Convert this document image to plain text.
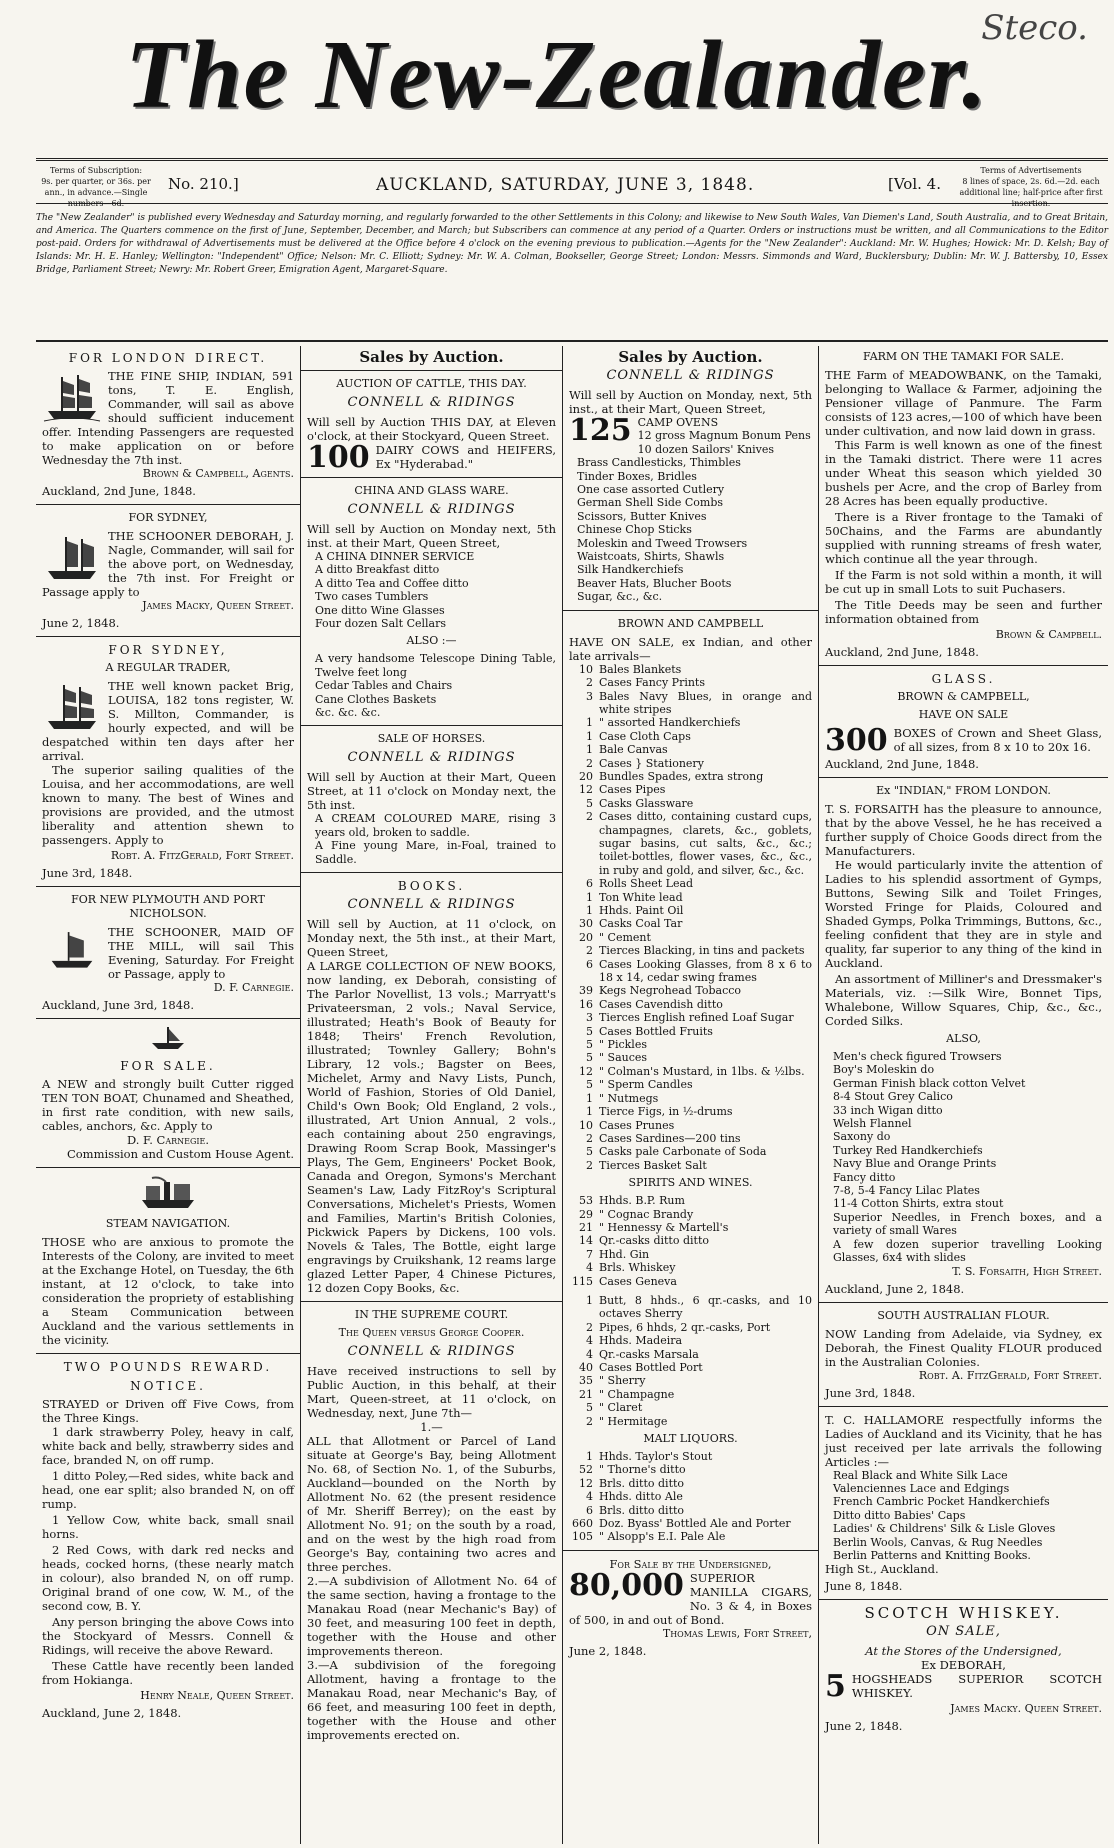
The New-Zealander.
Steco.
Terms of Subscription:
9s. per quarter, or 36s. per ann., in advance.—Single numbers—6d.
No. 210.]	AUCKLAND, SATURDAY, JUNE 3, 1848.	[Vol. 4.
Terms of Advertisements
8 lines of space, 2s. 6d.—2d. each additional line; half-price after first insertion.

The "New Zealander" is published every Wednesday and Saturday morning, and regularly forwarded to the other Settlements in this Colony; and likewise to New South Wales, Van Diemen's Land, South Australia, and to Great Britain, and America. The Quarters commence on the first of June, September, December, and March; but Subscribers can commence at any period of a Quarter. Orders or instructions must be written, and all Communications to the Editor post-paid. Orders for withdrawal of Advertisements must be delivered at the Office before 4 o'clock on the evening previous to publication.—Agents for the "New Zealander": Auckland: Mr. W. Hughes; Howick: Mr. D. Kelsh; Bay of Islands: Mr. H. E. Hanley; Wellington: "Independent" Office; Nelson: Mr. C. Elliott; Sydney: Mr. W. A. Colman, Bookseller, George Street; London: Messrs. Simmonds and Ward, Bucklersbury; Dublin: Mr. W. J. Battersby, 10, Essex Bridge, Parliament Street; Newry: Mr. Robert Greer, Emigration Agent, Margaret-Square.

FOR LONDON DIRECT.

THE FINE SHIP, INDIAN, 591 tons, T. E. English, Commander, will sail as above should sufficient inducement offer. Intending Passengers are requested to make application on or before Wednesday the 7th inst.

Brown & Campbell, Agents.
Auckland, 2nd June, 1848.
FOR SYDNEY,

THE SCHOONER DEBORAH, J. Nagle, Commander, will sail for the above port, on Wednesday, the 7th inst. For Freight or Passage apply to

James Macky, Queen Street.
June 2, 1848.
FOR SYDNEY,
A REGULAR TRADER,

THE well known packet Brig, LOUISA, 182 tons register, W. S. Millton, Commander, is hourly expected, and will be despatched within ten days after her arrival.

The superior sailing qualities of the Louisa, and her accommodations, are well known to many. The best of Wines and provisions are provided, and the utmost liberality and attention shewn to passengers. Apply to

Robt. A. FitzGerald, Fort Street.
June 3rd, 1848.
FOR NEW PLYMOUTH AND PORT NICHOLSON.

THE SCHOONER, MAID OF THE MILL, will sail This Evening, Saturday. For Freight or Passage, apply to

D. F. Carnegie.
Auckland, June 3rd, 1848.
FOR SALE.

A NEW and strongly built Cutter rigged TEN TON BOAT, Chunamed and Sheathed, in first rate condition, with new sails, cables, anchors, &c. Apply to

D. F. Carnegie.
Commission and Custom House Agent.
STEAM NAVIGATION.

THOSE who are anxious to promote the Interests of the Colony, are invited to meet at the Exchange Hotel, on Tuesday, the 6th instant, at 12 o'clock, to take into consideration the propriety of establishing a Steam Communication between Auckland and the various settlements in the vicinity.

TWO POUNDS REWARD.
NOTICE.

STRAYED or Driven off Five Cows, from the Three Kings.

1 dark strawberry Poley, heavy in calf, white back and belly, strawberry sides and face, branded N, on off rump.

1 ditto Poley,—Red sides, white back and head, one ear split; also branded N, on off rump.

1 Yellow Cow, white back, small snail horns.

2 Red Cows, with dark red necks and heads, cocked horns, (these nearly match in colour), also branded N, on off rump. Original brand of one cow, W. M., of the second cow, B. Y.

Any person bringing the above Cows into the Stockyard of Messrs. Connell & Ridings, will receive the above Reward.

These Cattle have recently been landed from Hokianga.

Henry Neale, Queen Street.
Auckland, June 2, 1848.
Sales by Auction.
AUCTION OF CATTLE, THIS DAY.
CONNELL & RIDINGS

Will sell by Auction THIS DAY, at Eleven o'clock, at their Stockyard, Queen Street.

100 DAIRY COWS and HEIFERS, Ex "Hyderabad."
CHINA AND GLASS WARE.
CONNELL & RIDINGS

Will sell by Auction on Monday next, 5th inst. at their Mart, Queen Street,

A CHINA DINNER SERVICE
A ditto Breakfast ditto
A ditto Tea and Coffee ditto
Two cases Tumblers
One ditto Wine Glasses
Four dozen Salt Cellars
ALSO :—
A very handsome Telescope Dining Table, Twelve feet long
Cedar Tables and Chairs
Cane Clothes Baskets
&c. &c. &c.
SALE OF HORSES.
CONNELL & RIDINGS

Will sell by Auction at their Mart, Queen Street, at 11 o'clock on Monday next, the 5th inst.

A CREAM COLOURED MARE, rising 3 years old, broken to saddle.
A Fine young Mare, in-Foal, trained to Saddle.
BOOKS.
CONNELL & RIDINGS

Will sell by Auction, at 11 o'clock, on Monday next, the 5th inst., at their Mart, Queen Street,

A LARGE COLLECTION OF NEW BOOKS, now landing, ex Deborah, consisting of The Parlor Novellist, 13 vols.; Marryatt's Privateersman, 2 vols.; Naval Service, illustrated; Heath's Book of Beauty for 1848; Theirs' French Revolution, illustrated; Townley Gallery; Bohn's Library, 12 vols.; Bagster on Bees, Michelet, Army and Navy Lists, Punch, World of Fashion, Stories of Old Daniel, Child's Own Book; Old England, 2 vols., illustrated, Art Union Annual, 2 vols., each containing about 250 engravings, Drawing Room Scrap Book, Massinger's Plays, The Gem, Engineers' Pocket Book, Canada and Oregon, Symons's Merchant Seamen's Law, Lady FitzRoy's Scriptural Conversations, Michelet's Priests, Women and Families, Martin's British Colonies, Pickwick Papers by Dickens, 100 vols. Novels & Tales, The Bottle, eight large engravings by Cruikshank, 12 reams large glazed Letter Paper, 4 Chinese Pictures, 12 dozen Copy Books, &c.

IN THE SUPREME COURT.
The Queen versus George Cooper.
CONNELL & RIDINGS

Have received instructions to sell by Public Auction, in this behalf, at their Mart, Queen-street, at 11 o'clock, on Wednesday, next, June 7th—

1.—

ALL that Allotment or Parcel of Land situate at George's Bay, being Allotment No. 68, of Section No. 1, of the Suburbs, Auckland—bounded on the North by Allotment No. 62 (the present residence of Mr. Sheriff Berrey); on the east by Allotment No. 91; on the south by a road, and on the west by the high road from George's Bay, containing two acres and three perches.

2.—A subdivision of Allotment No. 64 of the same section, having a frontage to the Manakau Road (near Mechanic's Bay) of 30 feet, and measuring 100 feet in depth, together with the House and other improvements thereon.

3.—A subdivision of the foregoing Allotment, having a frontage to the Manakau Road, near Mechanic's Bay, of 66 feet, and measuring 100 feet in depth, together with the House and other improvements erected on.

Sales by Auction.
CONNELL & RIDINGS

Will sell by Auction on Monday, next, 5th inst., at their Mart, Queen Street,

125 CAMP OVENS
12 gross Magnum Bonum Pens
10 dozen Sailors' Knives
Brass Candlesticks, Thimbles
Tinder Boxes, Bridles
One case assorted Cutlery
German Shell Side Combs
Scissors, Butter Knives
Chinese Chop Sticks
Moleskin and Tweed Trowsers
Waistcoats, Shirts, Shawls
Silk Handkerchiefs
Beaver Hats, Blucher Boots
Sugar, &c., &c.
BROWN AND CAMPBELL

HAVE ON SALE, ex Indian, and other late arrivals—

10 Bales Blankets
2 Cases Fancy Prints
3 Bales Navy Blues, in orange and white stripes
1 " assorted Handkerchiefs
1 Case Cloth Caps
1 Bale Canvas
2 Cases } Stationery
20 Bundles Spades, extra strong
12 Cases Pipes
5 Casks Glassware
2 Cases ditto, containing custard cups, champagnes, clarets, &c., goblets, sugar basins, cut salts, &c., &c.; toilet-bottles, flower vases, &c., &c., in ruby and gold, and silver, &c., &c.
6 Rolls Sheet Lead
1 Ton White lead
1 Hhds. Paint Oil
30 Casks Coal Tar
20 " Cement
2 Tierces Blacking, in tins and packets
6 Cases Looking Glasses, from 8 x 6 to 18 x 14, cedar swing frames
39 Kegs Negrohead Tobacco
16 Cases Cavendish ditto
3 Tierces English refined Loaf Sugar
5 Cases Bottled Fruits
5 " Pickles
5 " Sauces
12 " Colman's Mustard, in 1lbs. & ½lbs.
5 " Sperm Candles
1 " Nutmegs
1 Tierce Figs, in ½-drums
10 Cases Prunes
2 Cases Sardines—200 tins
5 Casks pale Carbonate of Soda
2 Tierces Basket Salt
SPIRITS AND WINES.
53 Hhds. B.P. Rum
29 " Cognac Brandy
21 " Hennessy & Martell's
14 Qr.-casks ditto ditto
7 Hhd. Gin
4 Brls. Whiskey
115 Cases Geneva
1 Butt, 8 hhds., 6 qr.-casks, and 10 octaves Sherry
2 Pipes, 6 hhds, 2 qr.-casks, Port
4 Hhds. Madeira
4 Qr.-casks Marsala
40 Cases Bottled Port
35 " Sherry
21 " Champagne
5 " Claret
2 " Hermitage
MALT LIQUORS.
1 Hhds. Taylor's Stout
52 " Thorne's ditto
12 Brls. ditto ditto
4 Hhds. ditto Ale
6 Brls. ditto ditto
660 Doz. Byass' Bottled Ale and Porter
105 " Alsopp's E.I. Pale Ale
For Sale by the Undersigned,
80,000 SUPERIOR MANILLA CIGARS, No. 3 & 4, in Boxes of 500, in and out of Bond.
Thomas Lewis, Fort Street,
June 2, 1848.
FARM ON THE TAMAKI FOR SALE.

THE Farm of MEADOWBANK, on the Tamaki, belonging to Wallace & Farmer, adjoining the Pensioner village of Panmure. The Farm consists of 123 acres,—100 of which have been under cultivation, and now laid down in grass.

This Farm is well known as one of the finest in the Tamaki district. There were 11 acres under Wheat this season which yielded 30 bushels per Acre, and the crop of Barley from 28 Acres has been equally productive.

There is a River frontage to the Tamaki of 50Chains, and the Farms are abundantly supplied with running streams of fresh water, which continue all the year through.

If the Farm is not sold within a month, it will be cut up in small Lots to suit Puchasers.

The Title Deeds may be seen and further information obtained from

Brown & Campbell.
Auckland, 2nd June, 1848.
GLASS.
BROWN & CAMPBELL,
HAVE ON SALE
300 BOXES of Crown and Sheet Glass, of all sizes, from 8 x 10 to 20x 16.
Auckland, 2nd June, 1848.
Ex "INDIAN," FROM LONDON.

T. S. FORSAITH has the pleasure to announce, that by the above Vessel, he he has received a further supply of Choice Goods direct from the Manufacturers.

He would particularly invite the attention of Ladies to his splendid assortment of Gymps, Buttons, Sewing Silk and Toilet Fringes, Worsted Fringe for Plaids, Coloured and Shaded Gymps, Polka Trimmings, Buttons, &c., feeling confident that they are in style and quality, far superior to any thing of the kind in Auckland.

An assortment of Milliner's and Dressmaker's Materials, viz. :—Silk Wire, Bonnet Tips, Whalebone, Willow Squares, Chip, &c., &c., Corded Silks.

ALSO,
Men's check figured Trowsers
Boy's Moleskin do
German Finish black cotton Velvet
8-4 Stout Grey Calico
33 inch Wigan ditto
Welsh Flannel
Saxony do
Turkey Red Handkerchiefs
Navy Blue and Orange Prints
Fancy ditto
7-8, 5-4 Fancy Lilac Plates
11-4 Cotton Shirts, extra stout
Superior Needles, in French boxes, and a variety of small Wares
A few dozen superior travelling Looking Glasses, 6x4 with slides
T. S. Forsaith, High Street.
Auckland, June 2, 1848.
SOUTH AUSTRALIAN FLOUR.

NOW Landing from Adelaide, via Sydney, ex Deborah, the Finest Quality FLOUR produced in the Australian Colonies.

Robt. A. FitzGerald, Fort Street.
June 3rd, 1848.

T. C. HALLAMORE respectfully informs the Ladies of Auckland and its Vicinity, that he has just received per late arrivals the following Articles :—

Real Black and White Silk Lace
Valenciennes Lace and Edgings
French Cambric Pocket Handkerchiefs
Ditto ditto Babies' Caps
Ladies' & Childrens' Silk & Lisle Gloves
Berlin Wools, Canvas, & Rug Needles
Berlin Patterns and Knitting Books.
High St., Auckland.
June 8, 1848.
SCOTCH WHISKEY.
ON SALE,
At the Stores of the Undersigned,
Ex DEBORAH,
5 HOGSHEADS SUPERIOR SCOTCH WHISKEY.
James Macky. Queen Street.
June 2, 1848.
